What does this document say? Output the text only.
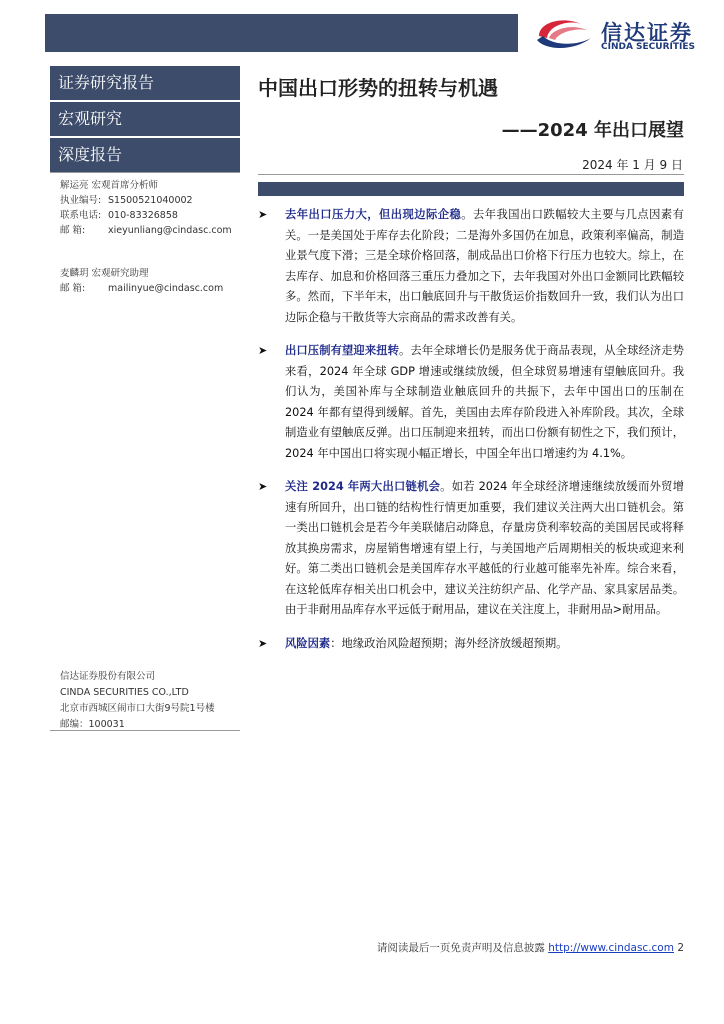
信达证券
CINDA SECURITIES
证券研究报告
宏观研究
深度报告
中国出口形势的扭转与机遇
——2024 年出口展望
2024 年 1 月 9 日
解运亮 宏观首席分析师
执业编号: S1500521040002
联系电话: 010-83326858
邮 箱: xieyunliang@cindasc.com
麦麟玥 宏观研究助理
邮 箱: mailinyue@cindasc.com
信达证券股份有限公司
CINDA SECURITIES CO.,LTD
北京市西城区闹市口大街9号院1号楼
邮编：100031
➤ 去年出口压力大，但出现边际企稳。去年我国出口跌幅较大主要与几点因素有关。一是美国处于库存去化阶段；二是海外多国仍在加息，政策利率偏高，制造业景气度下滑；三是全球价格回落，制成品出口价格下行压力也较大。综上，在去库存、加息和价格回落三重压力叠加之下，去年我国对外出口金额同比跌幅较多。然而，下半年末，出口触底回升与干散货运价指数回升一致，我们认为出口边际企稳与干散货等大宗商品的需求改善有关。
➤ 出口压制有望迎来扭转。去年全球增长仍是服务优于商品表现，从全球经济走势来看，2024 年全球 GDP 增速或继续放缓，但全球贸易增速有望触底回升。我们认为，美国补库与全球制造业触底回升的共振下，去年中国出口的压制在 2024 年都有望得到缓解。首先，美国由去库存阶段进入补库阶段。其次，全球制造业有望触底反弹。出口压制迎来扭转，而出口份额有韧性之下，我们预计，2024 年中国出口将实现小幅正增长，中国全年出口增速约为 4.1%。
➤ 关注 2024 年两大出口链机会。如若 2024 年全球经济增速继续放缓而外贸增速有所回升，出口链的结构性行情更加重要，我们建议关注两大出口链机会。第一类出口链机会是若今年美联储启动降息，存量房贷利率较高的美国居民或将释放其换房需求，房屋销售增速有望上行，与美国地产后周期相关的板块或迎来利好。第二类出口链机会是美国库存水平越低的行业越可能率先补库。综合来看，在这轮低库存相关出口机会中，建议关注纺织产品、化学产品、家具家居品类。由于非耐用品库存水平远低于耐用品，建议在关注度上，非耐用品>耐用品。
➤ 风险因素：地缘政治风险超预期；海外经济放缓超预期。
请阅读最后一页免责声明及信息披露 http://www.cindasc.com 2
